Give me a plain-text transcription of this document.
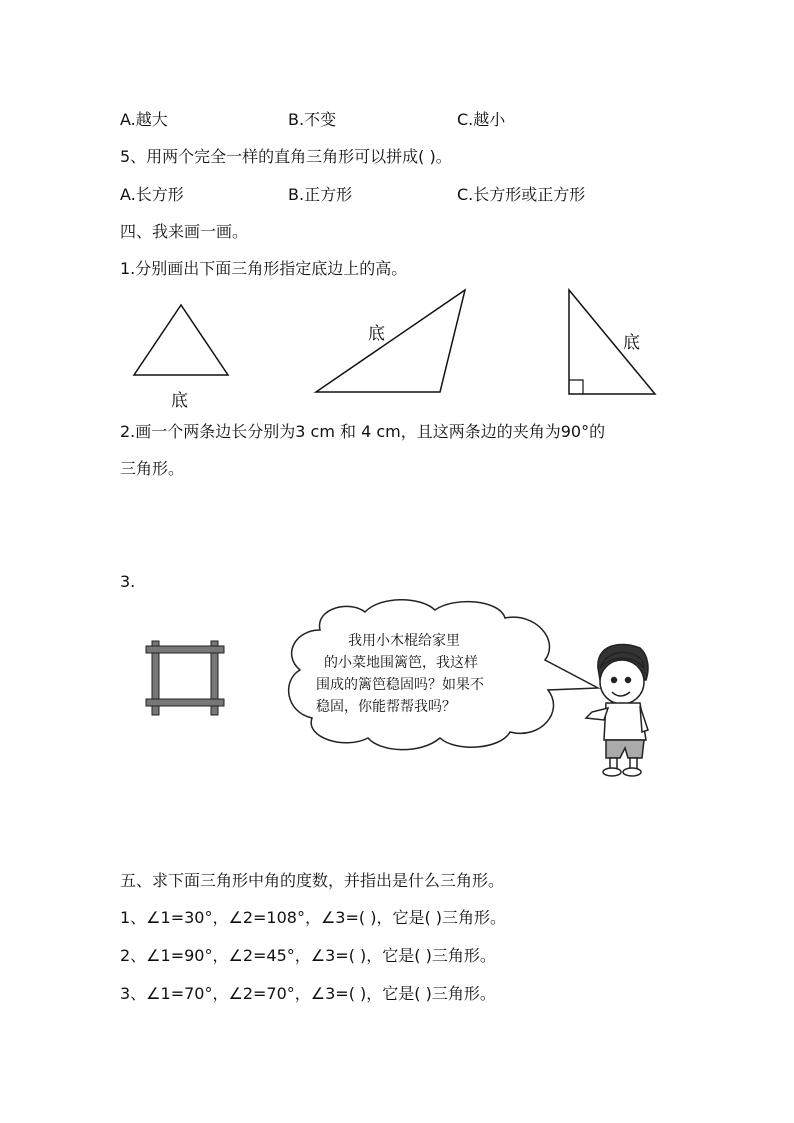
A.越大	B.不变	C.越小
5、用两个完全一样的直角三角形可以拼成( )。
A.长方形	B.正方形	C.长方形或正方形
四、我来画一画。
1.分别画出下面三角形指定底边上的高。
底
底	底
2.画一个两条边长分别为3 cm 和 4 cm，且这两条边的夹角为90°的
三角形。
3.
我用小木棍给家里
的小菜地围篱笆，我这样
围成的篱笆稳固吗？如果不
稳固，你能帮帮我吗？
五、求下面三角形中角的度数，并指出是什么三角形。
1、∠1=30°，∠2=108°，∠3=( )，它是( )三角形。
2、∠1=90°，∠2=45°，∠3=( )，它是( )三角形。
3、∠1=70°，∠2=70°，∠3=( )，它是( )三角形。
